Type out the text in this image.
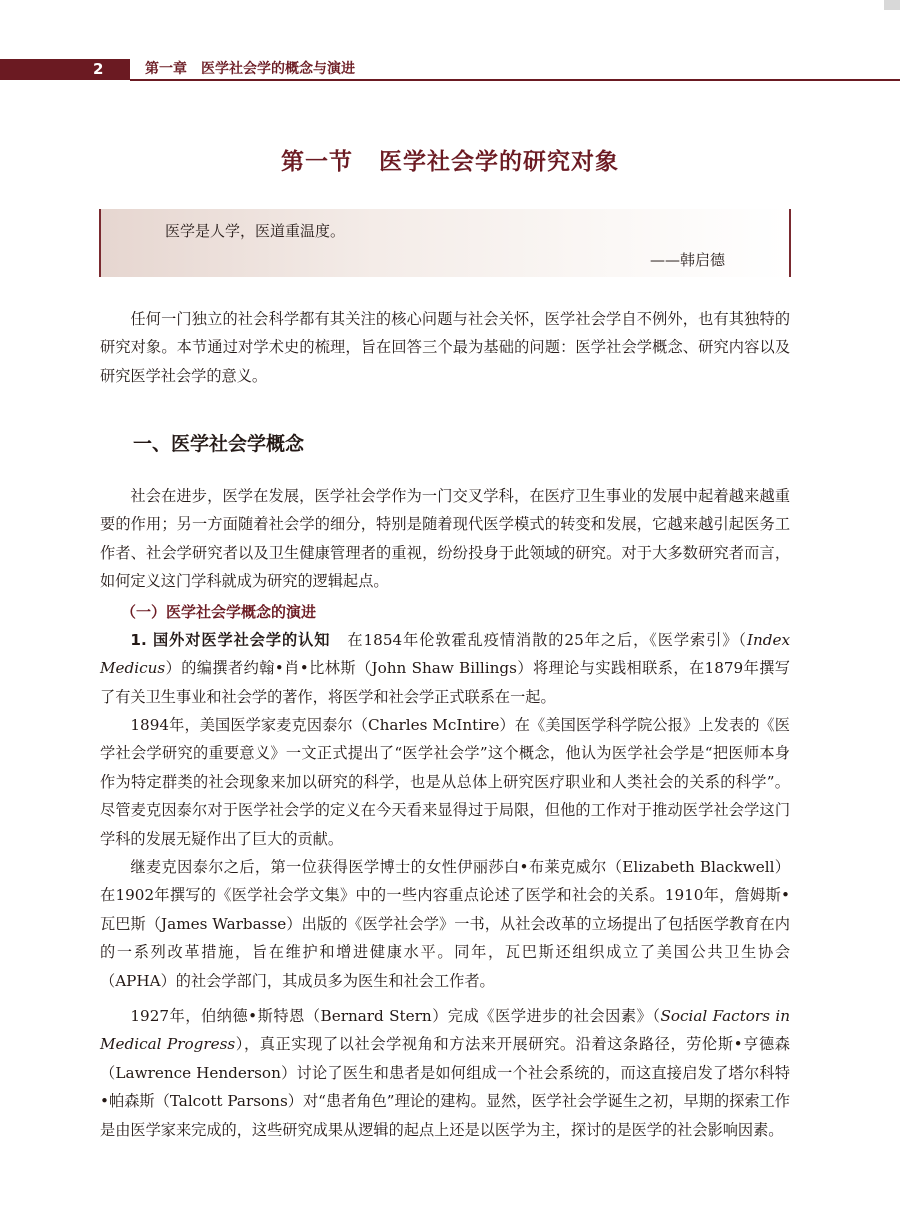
2	第一章　医学社会学的概念与演进
第一节 医学社会学的研究对象
医学是人学，医道重温度。
——韩启德

任何一门独立的社会科学都有其关注的核心问题与社会关怀，医学社会学自不例外，也有其独特的研究对象。本节通过对学术史的梳理，旨在回答三个最为基础的问题：医学社会学概念、研究内容以及研究医学社会学的意义。

一、医学社会学概念

社会在进步，医学在发展，医学社会学作为一门交叉学科，在医疗卫生事业的发展中起着越来越重要的作用；另一方面随着社会学的细分，特别是随着现代医学模式的转变和发展，它越来越引起医务工作者、社会学研究者以及卫生健康管理者的重视，纷纷投身于此领域的研究。对于大多数研究者而言，如何定义这门学科就成为研究的逻辑起点。

（一）医学社会学概念的演进

1. 国外对医学社会学的认知 在1854年伦敦霍乱疫情消散的25年之后，《医学索引》（Index Medicus）的编撰者约翰•肖•比林斯（John Shaw Billings）将理论与实践相联系，在1879年撰写了有关卫生事业和社会学的著作，将医学和社会学正式联系在一起。

1894年，美国医学家麦克因泰尔（Charles McIntire）在《美国医学科学院公报》上发表的《医学社会学研究的重要意义》一文正式提出了“医学社会学”这个概念，他认为医学社会学是“把医师本身作为特定群类的社会现象来加以研究的科学，也是从总体上研究医疗职业和人类社会的关系的科学”。尽管麦克因泰尔对于医学社会学的定义在今天看来显得过于局限，但他的工作对于推动医学社会学这门学科的发展无疑作出了巨大的贡献。

继麦克因泰尔之后，第一位获得医学博士的女性伊丽莎白•布莱克威尔（Elizabeth Blackwell）在1902年撰写的《医学社会学文集》中的一些内容重点论述了医学和社会的关系。1910年，詹姆斯•瓦巴斯（James Warbasse）出版的《医学社会学》一书，从社会改革的立场提出了包括医学教育在内的一系列改革措施，旨在维护和增进健康水平。同年，瓦巴斯还组织成立了美国公共卫生协会（APHA）的社会学部门，其成员多为医生和社会工作者。

1927年，伯纳德•斯特恩（Bernard Stern）完成《医学进步的社会因素》（Social Factors in Medical Progress），真正实现了以社会学视角和方法来开展研究。沿着这条路径，劳伦斯•亨德森（Lawrence Henderson）讨论了医生和患者是如何组成一个社会系统的，而这直接启发了塔尔科特•帕森斯（Talcott Parsons）对“患者角色”理论的建构。显然，医学社会学诞生之初，早期的探索工作是由医学家来完成的，这些研究成果从逻辑的起点上还是以医学为主，探讨的是医学的社会影响因素。
